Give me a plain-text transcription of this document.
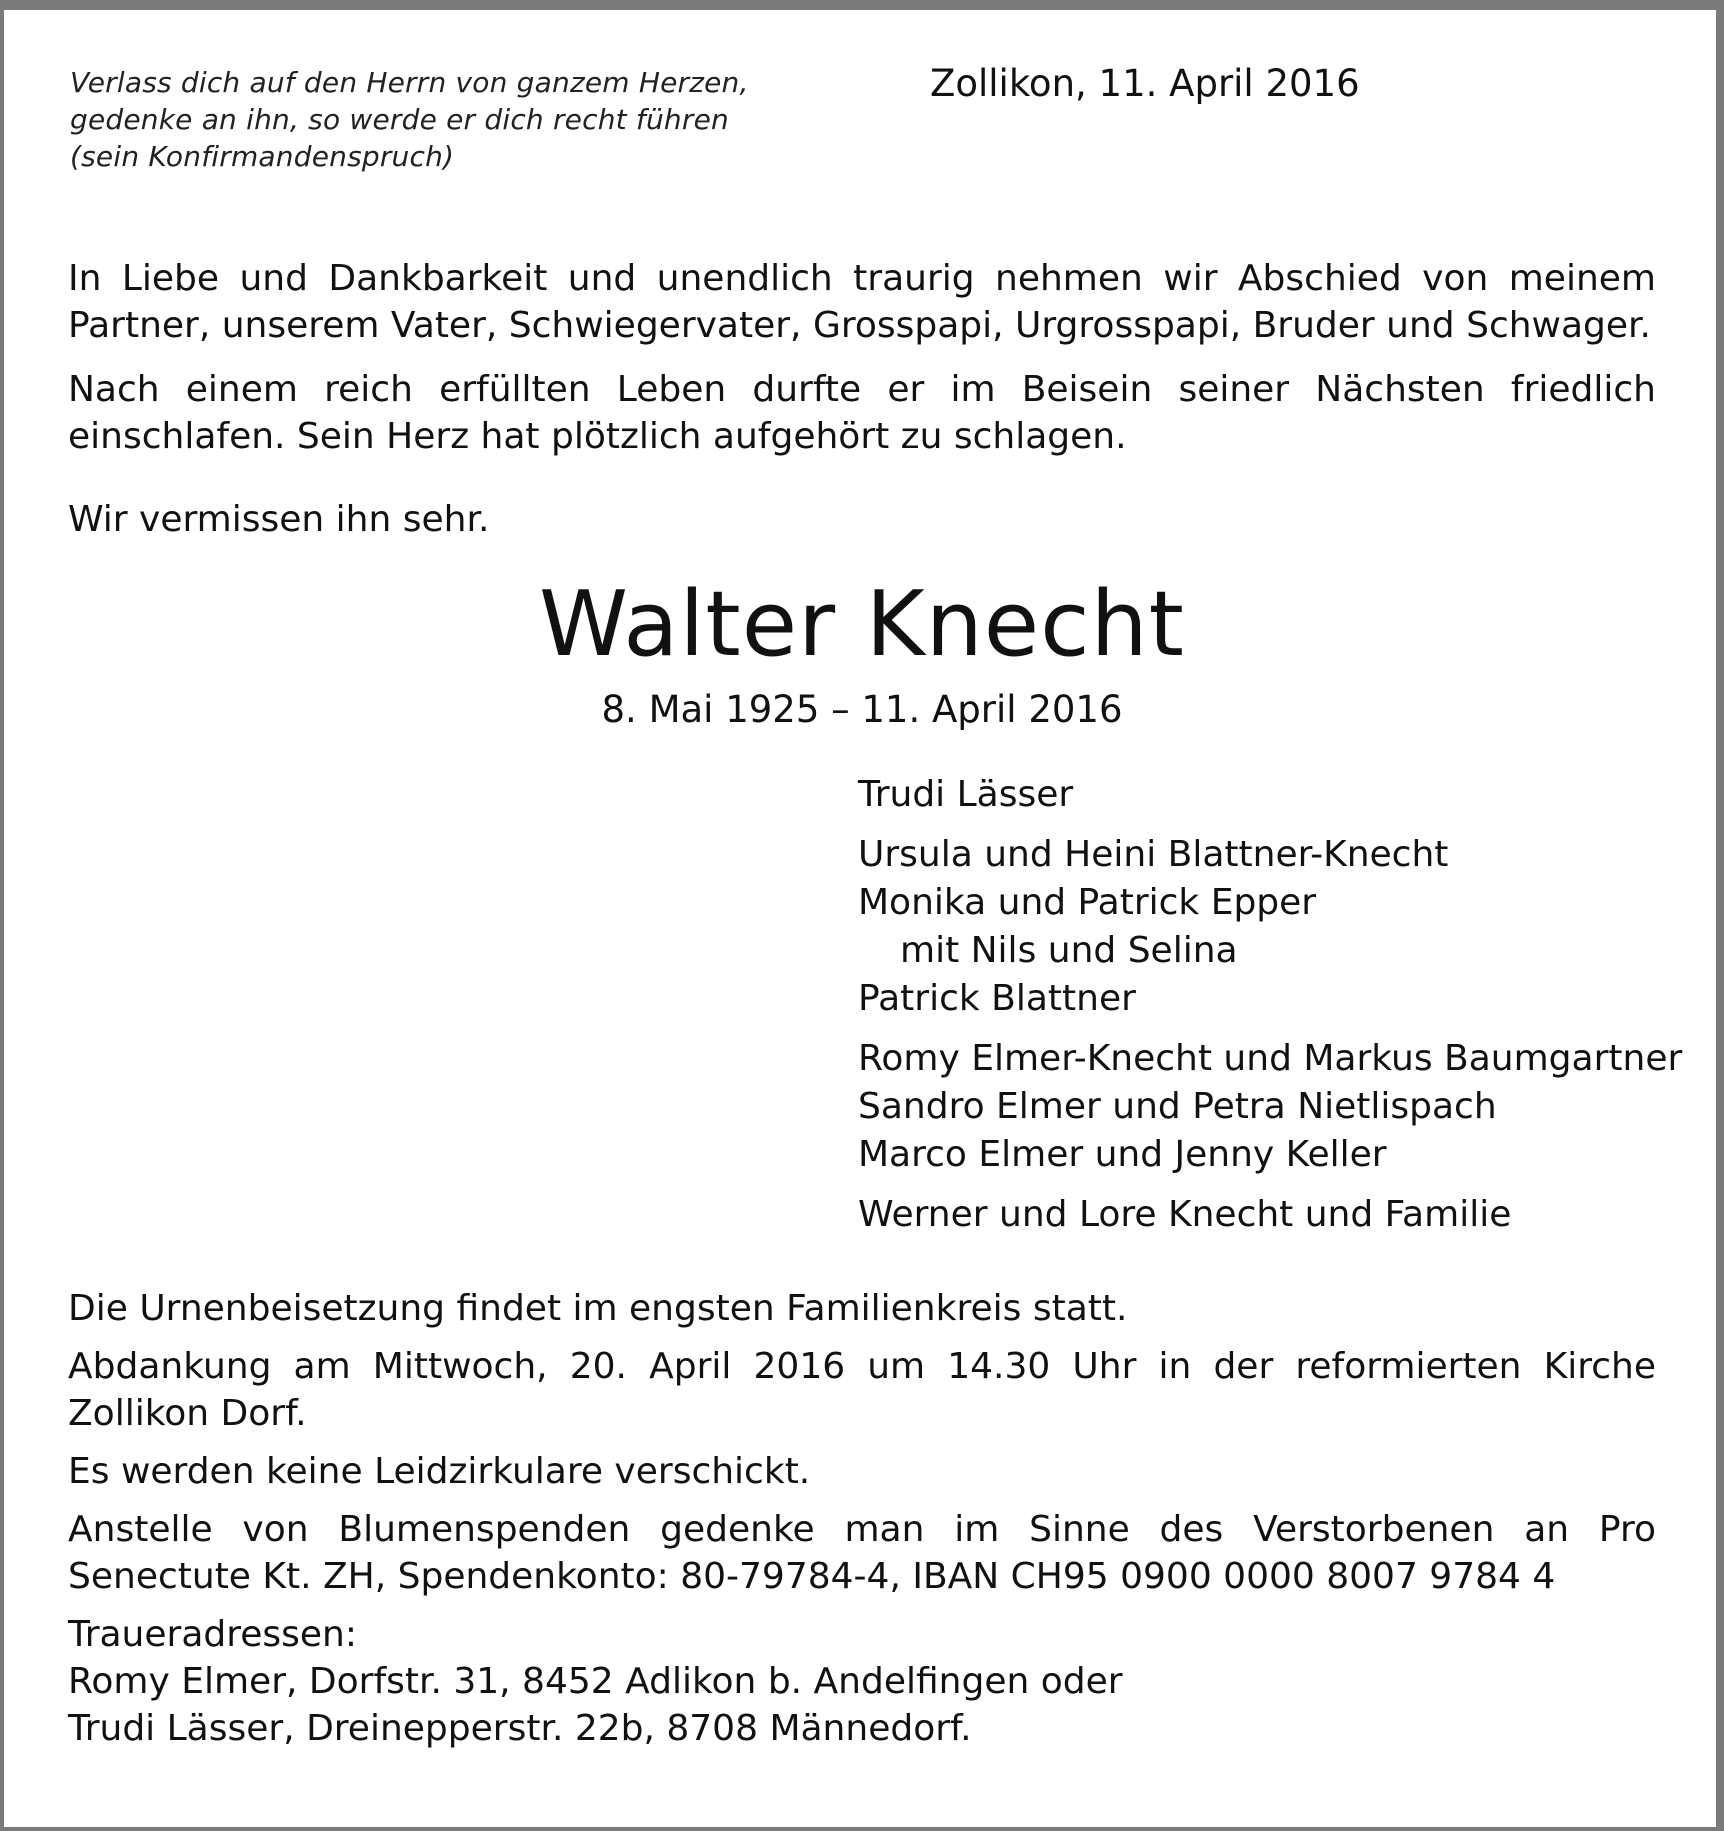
Verlass dich auf den Herrn von ganzem Herzen,
gedenke an ihn, so werde er dich recht führen
(sein Konfirmandenspruch)
Zollikon, 11. April 2016

In Liebe und Dankbarkeit und unendlich traurig nehmen wir Abschied von meinem Partner, unserem Vater, Schwiegervater, Grosspapi, Urgrosspapi, Bruder und Schwager.

Nach einem reich erfüllten Leben durfte er im Beisein seiner Nächsten friedlich einschlafen. Sein Herz hat plötzlich aufgehört zu schlagen.

Wir vermissen ihn sehr.

Walter Knecht
8. Mai 1925 – 11. April 2016
Trudi Lässer
Ursula und Heini Blattner-Knecht
Monika und Patrick Epper
mit Nils und Selina
Patrick Blattner
Romy Elmer-Knecht und Markus Baumgartner
Sandro Elmer und Petra Nietlispach
Marco Elmer und Jenny Keller
Werner und Lore Knecht und Familie

Die Urnenbeisetzung findet im engsten Familienkreis statt.

Abdankung am Mittwoch, 20. April 2016 um 14.30 Uhr in der reformierten Kirche Zollikon Dorf.

Es werden keine Leidzirkulare verschickt.

Anstelle von Blumenspenden gedenke man im Sinne des Verstorbenen an Pro Senectute Kt. ZH, Spendenkonto: 80-79784-4, IBAN CH95 0900 0000 8007 9784 4

Traueradressen:
Romy Elmer, Dorfstr. 31, 8452 Adlikon b. Andelfingen oder
Trudi Lässer, Dreinepperstr. 22b, 8708 Männedorf.
